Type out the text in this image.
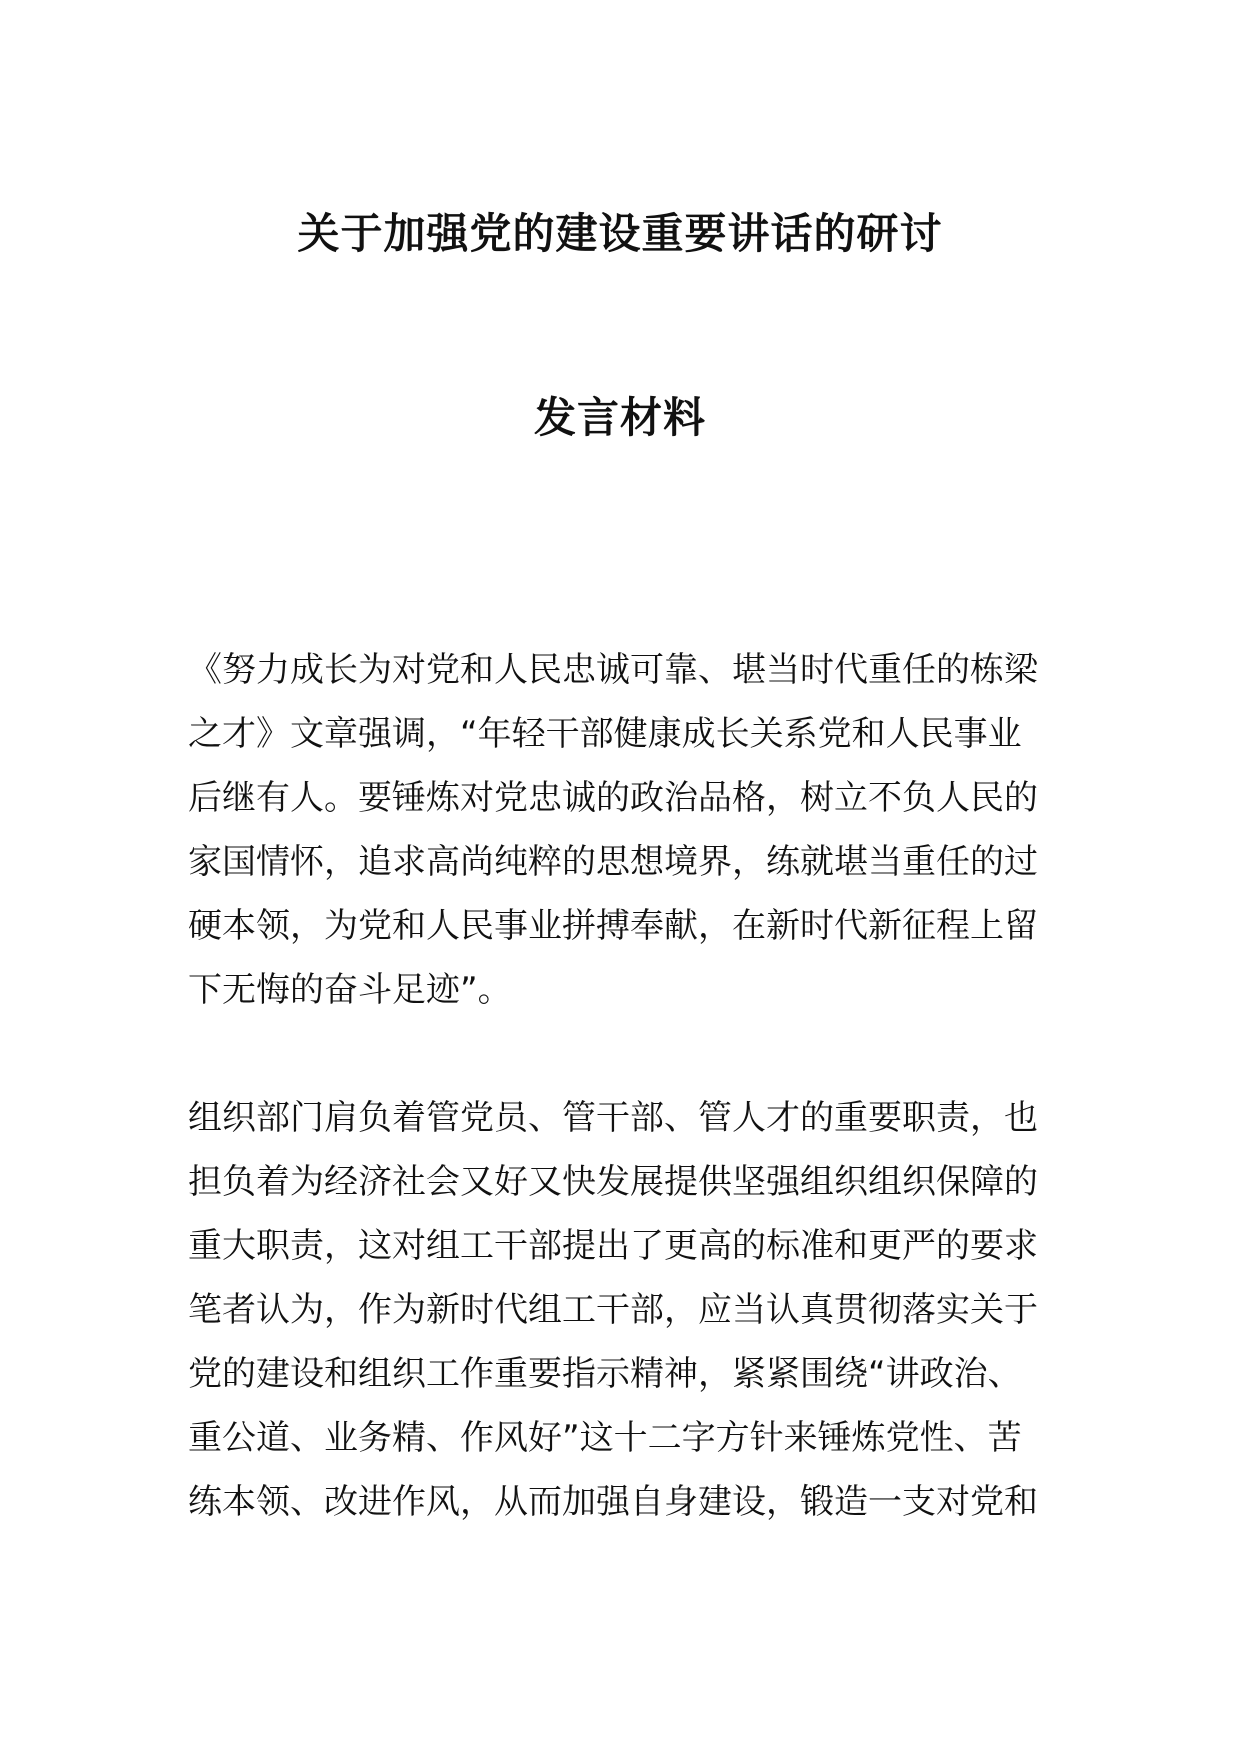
关于加强党的建设重要讲话的研讨
发言材料
《努力成长为对党和人民忠诚可靠、堪当时代重任的栋梁
之才》文章强调，“年轻干部健康成长关系党和人民事业
后继有人。要锤炼对党忠诚的政治品格，树立不负人民的
家国情怀，追求高尚纯粹的思想境界，练就堪当重任的过
硬本领，为党和人民事业拼搏奉献，在新时代新征程上留
下无悔的奋斗足迹”。
组织部门肩负着管党员、管干部、管人才的重要职责，也
担负着为经济社会又好又快发展提供坚强组织组织保障的
重大职责，这对组工干部提出了更高的标准和更严的要求
笔者认为，作为新时代组工干部，应当认真贯彻落实关于
党的建设和组织工作重要指示精神，紧紧围绕“讲政治、
重公道、业务精、作风好”这十二字方针来锤炼党性、苦
练本领、改进作风，从而加强自身建设，锻造一支对党和
